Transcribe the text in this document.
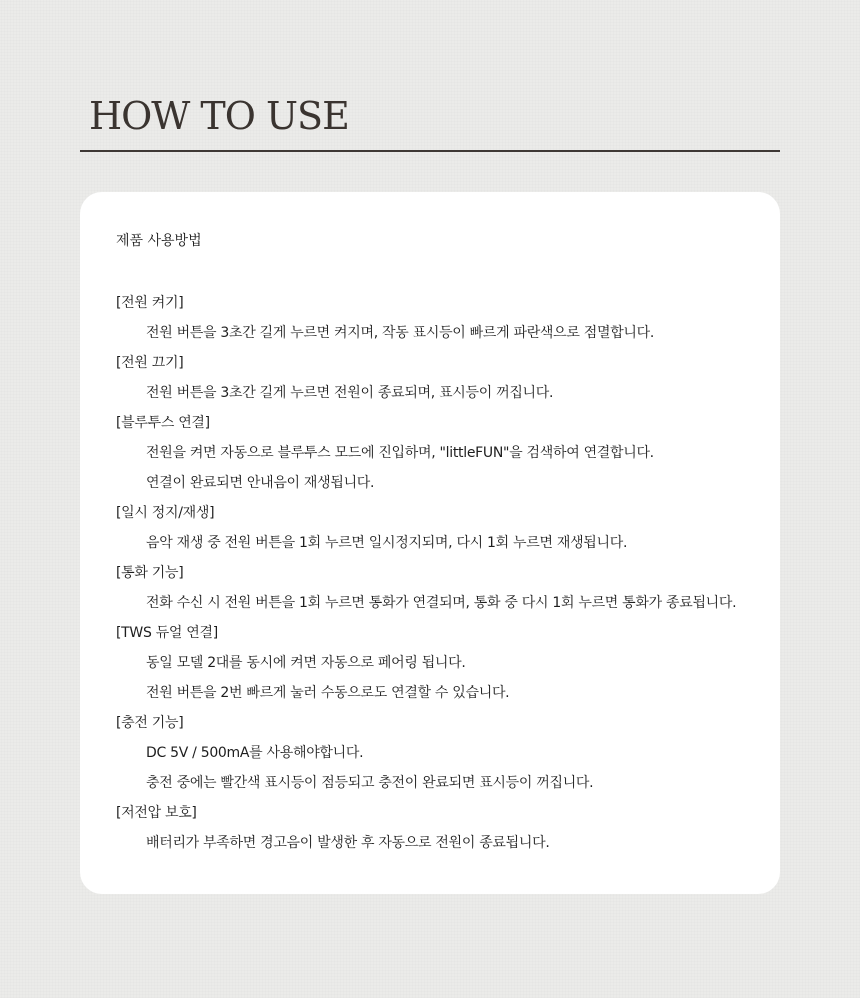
HOW TO USE
제품 사용방법
[전원 켜기]
전원 버튼을 3초간 길게 누르면 켜지며, 작동 표시등이 빠르게 파란색으로 점멸합니다.
[전원 끄기]
전원 버튼을 3초간 길게 누르면 전원이 종료되며, 표시등이 꺼집니다.
[블루투스 연결]
전원을 켜면 자동으로 블루투스 모드에 진입하며, "littleFUN"을 검색하여 연결합니다.
연결이 완료되면 안내음이 재생됩니다.
[일시 정지/재생]
음악 재생 중 전원 버튼을 1회 누르면 일시정지되며, 다시 1회 누르면 재생됩니다.
[통화 기능]
전화 수신 시 전원 버튼을 1회 누르면 통화가 연결되며, 통화 중 다시 1회 누르면 통화가 종료됩니다.
[TWS 듀얼 연결]
동일 모델 2대를 동시에 켜면 자동으로 페어링 됩니다.
전원 버튼을 2번 빠르게 눌러 수동으로도 연결할 수 있습니다.
[충전 기능]
DC 5V / 500mA를 사용해야합니다.
충전 중에는 빨간색 표시등이 점등되고 충전이 완료되면 표시등이 꺼집니다.
[저전압 보호]
배터리가 부족하면 경고음이 발생한 후 자동으로 전원이 종료됩니다.
